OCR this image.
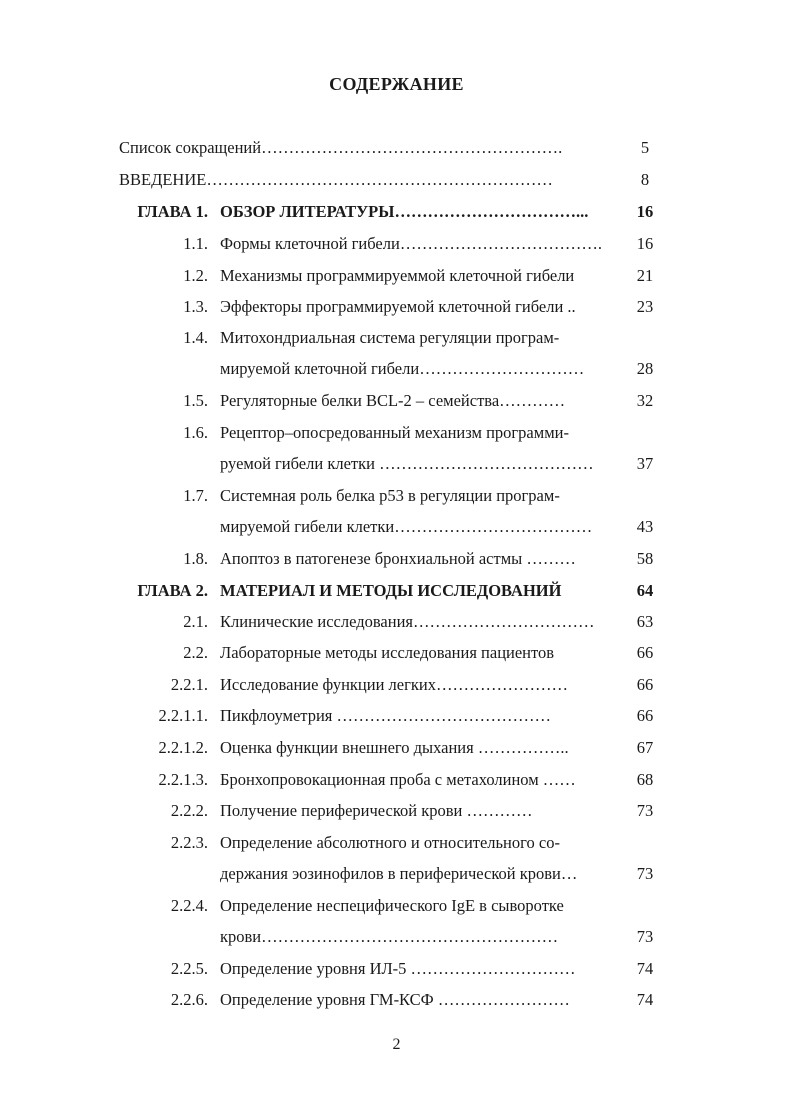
СОДЕРЖАНИЕ
Список сокращений……………………………………………….	5
ВВЕДЕНИЕ………………………………………………………	8
ГЛАВА 1. ОБЗОР ЛИТЕРАТУРЫ……………………………...	16
1.1. Формы клеточной гибели……………………………….	16
1.2. Механизмы программируеммой клеточной гибели	21
1.3. Эффекторы программируемой клеточной гибели ..	23
1.4. Митохондриальная система регуляции програм-
мируемой клеточной гибели…………………………	28
1.5. Регуляторные белки BCL-2 – семейства…………	32
1.6. Рецептор–опосредованный механизм программи-
руемой гибели клетки …………………………………	37
1.7. Системная роль белка p53 в регуляции програм-
мируемой гибели клетки………………………………	43
1.8. Апоптоз в патогенезе бронхиальной астмы ………	58
ГЛАВА 2. МАТЕРИАЛ И МЕТОДЫ ИССЛЕДОВАНИЙ	64
2.1. Клинические исследования……………………………	63
2.2. Лабораторные методы исследования пациентов	66
2.2.1. Исследование функции легких……………………	66
2.2.1.1. Пикфлоуметрия …………………………………	66
2.2.1.2. Оценка функции внешнего дыхания ……………..	67
2.2.1.3. Бронхопровокационная проба с метахолином ……	68
2.2.2. Получение периферической крови …………	73
2.2.3. Определение абсолютного и относительного со-
держания эозинофилов в периферической крови…	73
2.2.4. Определение неспецифического IgE в сыворотке
крови………………………………………………	73
2.2.5. Определение уровня ИЛ-5 …………………………	74
2.2.6. Определение уровня ГМ-КСФ ……………………	74
2
